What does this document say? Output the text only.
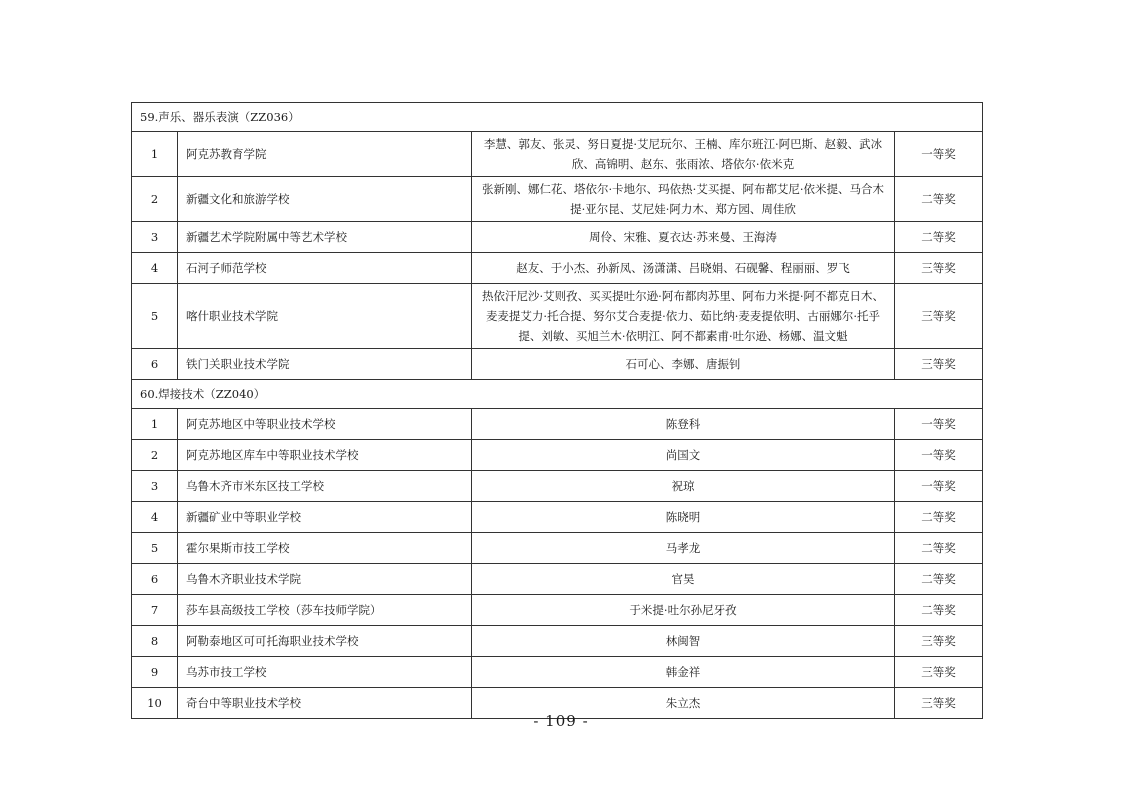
59.声乐、器乐表演（ZZ036）			
1	阿克苏教育学院	李慧、郭友、张灵、努日夏提·艾尼玩尔、王楠、库尔班江·阿巴斯、赵毅、武冰欣、高锦明、赵东、张雨浓、塔依尔·依米克	一等奖
2	新疆文化和旅游学校	张新刚、娜仁花、塔依尔·卡地尔、玛依热·艾买提、阿布都艾尼·依米提、马合木提·亚尔昆、艾尼娃·阿力木、郑方园、周佳欣	二等奖
3	新疆艺术学院附属中等艺术学校	周伶、宋雅、夏衣达·苏来曼、王海涛	二等奖
4	石河子师范学校	赵友、于小杰、孙新凤、汤潇潇、吕晓娟、石砚馨、程丽丽、罗飞	三等奖
5	喀什职业技术学院	热依汗尼沙·艾则孜、买买提吐尔逊·阿布都肉苏里、阿布力米提·阿不都克日木、麦麦提艾力·托合提、努尔艾合麦提·依力、茹比纳·麦麦提依明、古丽娜尔·托乎提、刘敏、买旭兰木·依明江、阿不都素甫·吐尔逊、杨娜、温文魁	三等奖
6	铁门关职业技术学院	石可心、李娜、唐振钊	三等奖
60.焊接技术（ZZ040）			
1	阿克苏地区中等职业技术学校	陈登科	一等奖
2	阿克苏地区库车中等职业技术学校	尚国文	一等奖
3	乌鲁木齐市米东区技工学校	祝琼	一等奖
4	新疆矿业中等职业学校	陈晓明	二等奖
5	霍尔果斯市技工学校	马孝龙	二等奖
6	乌鲁木齐职业技术学院	官昊	二等奖
7	莎车县高级技工学校（莎车技师学院）	于米提·吐尔孙尼牙孜	二等奖
8	阿勒泰地区可可托海职业技术学校	林闽智	三等奖
9	乌苏市技工学校	韩金祥	三等奖
10	奇台中等职业技术学校	朱立杰	三等奖
- 109 -
